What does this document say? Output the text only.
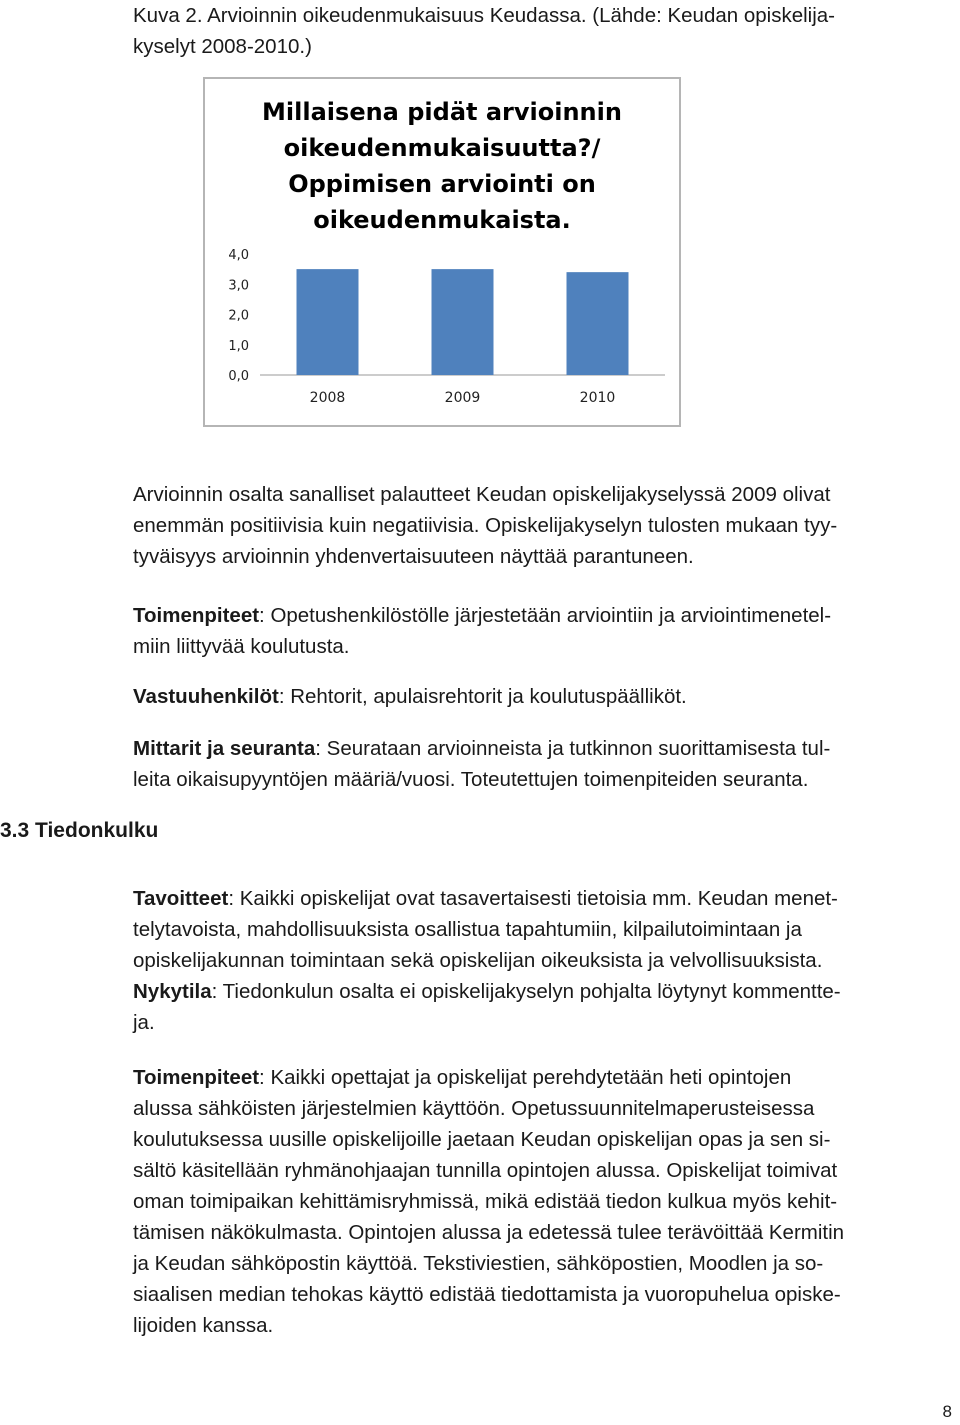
Kuva 2. Arvioinnin oikeudenmukaisuus Keudassa. (Lähde: Keudan opiskelija-
kyselyt 2008-2010.)
Millaisena pidät arvioinnin
oikeudenmukaisuutta?/
Oppimisen arviointi on
oikeudenmukaista.
0,0
1,0
2,0
3,0
4,0
2008	2009	2010
Arvioinnin osalta sanalliset palautteet Keudan opiskelijakyselyssä 2009 olivat
enemmän positiivisia kuin negatiivisia. Opiskelijakyselyn tulosten mukaan tyy-
tyväisyys arvioinnin yhdenvertaisuuteen näyttää parantuneen.
Toimenpiteet: Opetushenkilöstölle järjestetään arviointiin ja arviointimenetel-
miin liittyvää koulutusta.
Vastuuhenkilöt: Rehtorit, apulaisrehtorit ja koulutuspäälliköt.
Mittarit ja seuranta: Seurataan arvioinneista ja tutkinnon suorittamisesta tul-
leita oikaisupyyntöjen määriä/vuosi. Toteutettujen toimenpiteiden seuranta.
3.3 Tiedonkulku
Tavoitteet: Kaikki opiskelijat ovat tasavertaisesti tietoisia mm. Keudan menet-
telytavoista, mahdollisuuksista osallistua tapahtumiin, kilpailutoimintaan ja
opiskelijakunnan toimintaan sekä opiskelijan oikeuksista ja velvollisuuksista.
Nykytila: Tiedonkulun osalta ei opiskelijakyselyn pohjalta löytynyt kommentte-
ja.
Toimenpiteet: Kaikki opettajat ja opiskelijat perehdytetään heti opintojen
alussa sähköisten järjestelmien käyttöön. Opetussuunnitelmaperusteisessa
koulutuksessa uusille opiskelijoille jaetaan Keudan opiskelijan opas ja sen si-
sältö käsitellään ryhmänohjaajan tunnilla opintojen alussa. Opiskelijat toimivat
oman toimipaikan kehittämisryhmissä, mikä edistää tiedon kulkua myös kehit-
tämisen näkökulmasta. Opintojen alussa ja edetessä tulee terävöittää Kermitin
ja Keudan sähköpostin käyttöä. Tekstiviestien, sähköpostien, Moodlen ja so-
siaalisen median tehokas käyttö edistää tiedottamista ja vuoropuhelua opiske-
lijoiden kanssa.
8
